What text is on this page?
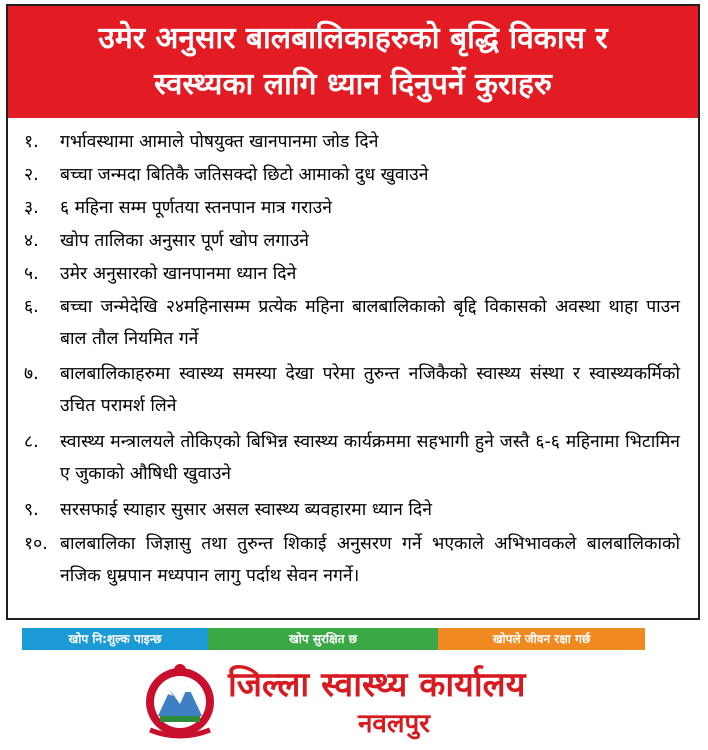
उमेर अनुसार बालबालिकाहरुको बृद्धि विकास र
स्वस्थ्यका लागि ध्यान दिनुपर्ने कुराहरु
१.	गर्भावस्थामा आमाले पोषयुक्त खानपानमा जोड दिने
२.	बच्चा जन्मदा बितिकै जतिसक्दो छिटो आमाको दुध खुवाउने
३.	६ महिना सम्म पूर्णतया स्तनपान मात्र गराउने
४.	खोप तालिका अनुसार पूर्ण खोप लगाउने
५.	उमेर अनुसारको खानपानमा ध्यान दिने
६.	बच्चा जन्मेदेखि २४महिनासम्म प्रत्येक महिना बालबालिकाको बृद्दि विकासको अवस्था थाहा पाउन बाल तौल नियमित गर्ने
७.	बालबालिकाहरुमा स्वास्थ्य समस्या देखा परेमा तुरुन्त नजिकैको स्वास्थ्य संस्था र स्वास्थ्यकर्मिको उचित परामर्श लिने
८.	स्वास्थ्य मन्त्रालयले तोकिएको बिभिन्न स्वास्थ्य कार्यक्रममा सहभागी हुने जस्तै ६-६ महिनामा भिटामिन ए जुकाको औषिधी खुवाउने
९.	सरसफाई स्याहार सुसार असल स्वास्थ्य ब्यवहारमा ध्यान दिने
१०. बालबालिका जिज्ञासु तथा तुरुन्त शिकाई अनुसरण गर्ने भएकाले अभिभावकले बालबालिकाको नजिक धुम्रपान मध्यपान लागु पर्दाथ सेवन नगर्ने।
खोप नि:शुल्क पाइन्छ	खोप सुरक्षित छ	खोपले जीवन रक्षा गर्छ
जिल्ला स्वास्थ्य कार्यालय
नवलपुर
